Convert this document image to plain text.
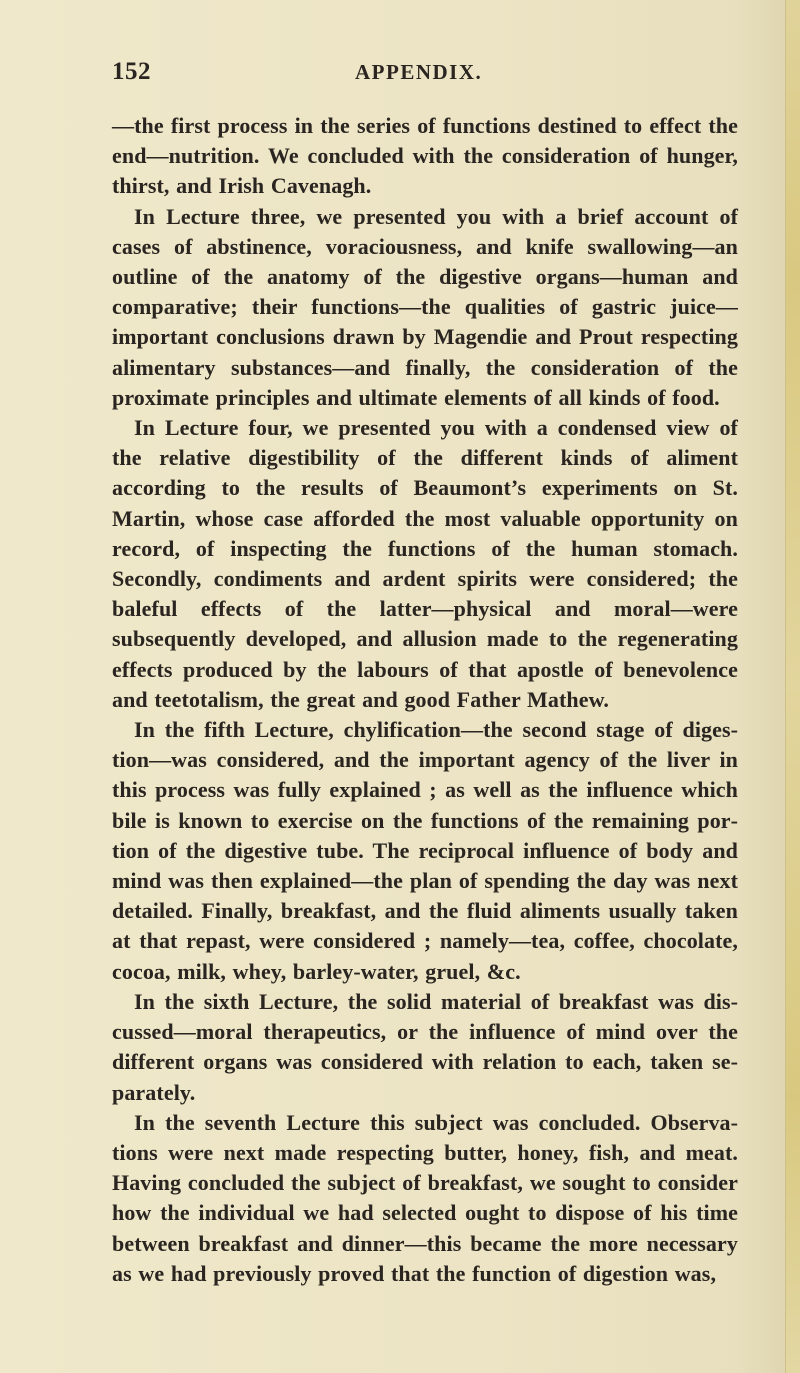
152	APPENDIX.

—the first process in the series of functions destined to effect the end—nutrition. We concluded with the consideration of hunger, thirst, and Irish Cavenagh.

In Lecture three, we presented you with a brief account of cases of abstinence, voraciousness, and knife swallowing—an outline of the anatomy of the digestive organs—human and comparative; their functions—the qualities of gastric juice—important conclusions drawn by Magendie and Prout respecting alimentary substances—and finally, the consideration of the proximate principles and ultimate elements of all kinds of food.

In Lecture four, we presented you with a condensed view of the relative digestibility of the different kinds of aliment according to the results of Beaumont’s experiments on St. Martin, whose case afforded the most valuable opportunity on record, of inspecting the functions of the human stomach. Secondly, condiments and ardent spirits were considered; the baleful effects of the latter—physical and moral—were subsequently developed, and allusion made to the regenerating effects produced by the labours of that apostle of benevolence and teetotalism, the great and good Father Mathew.

In the fifth Lecture, chylification—the second stage of digestion—was considered, and the important agency of the liver in this process was fully explained ; as well as the influence which bile is known to exercise on the functions of the remaining portion of the digestive tube. The reciprocal influence of body and mind was then explained—the plan of spending the day was next detailed. Finally, breakfast, and the fluid aliments usually taken at that repast, were considered ; namely—tea, coffee, chocolate, cocoa, milk, whey, barley-water, gruel, &c.

In the sixth Lecture, the solid material of breakfast was discussed—moral therapeutics, or the influence of mind over the different organs was considered with relation to each, taken separately.

In the seventh Lecture this subject was concluded. Observations were next made respecting butter, honey, fish, and meat. Having concluded the subject of breakfast, we sought to consider how the individual we had selected ought to dispose of his time between breakfast and dinner—this became the more necessary as we had previously proved that the function of digestion was,
